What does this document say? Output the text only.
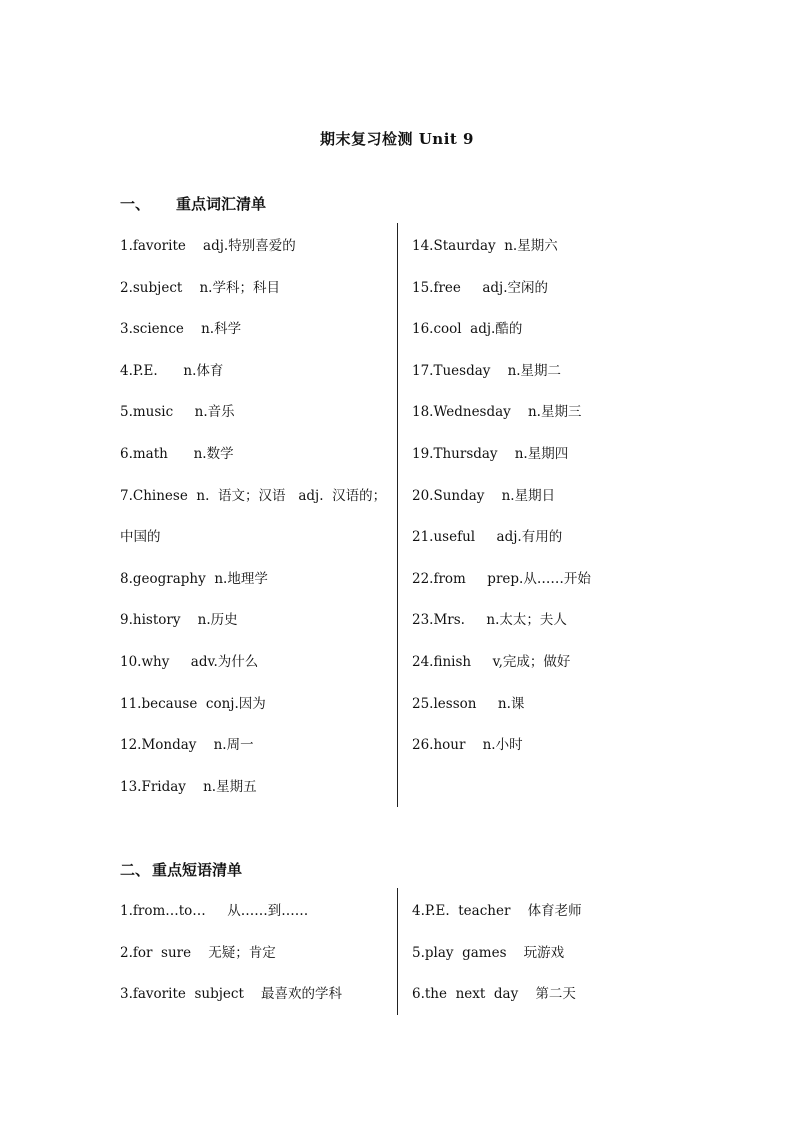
期末复习检测 Unit 9
一、 重点词汇清单
1.favorite    adj.特别喜爱的
2.subject    n.学科；科目
3.science    n.科学
4.P.E.      n.体育
5.music     n.音乐
6.math      n.数学
7.Chinese  n.  语文；汉语   adj.  汉语的；
中国的
8.geography  n.地理学
9.history    n.历史
10.why     adv.为什么
11.because  conj.因为
12.Monday    n.周一
13.Friday    n.星期五
14.Staurday  n.星期六
15.free     adj.空闲的
16.cool  adj.酷的
17.Tuesday    n.星期二
18.Wednesday    n.星期三
19.Thursday    n.星期四
20.Sunday    n.星期日
21.useful     adj.有用的
22.from     prep.从……开始
23.Mrs.     n.太太；夫人
24.finish     v,完成；做好
25.lesson     n.课
26.hour    n.小时
二、 重点短语清单
1.from…to…     从……到……
2.for  sure    无疑；肯定
3.favorite  subject    最喜欢的学科
4.P.E.  teacher    体育老师
5.play  games    玩游戏
6.the  next  day    第二天
